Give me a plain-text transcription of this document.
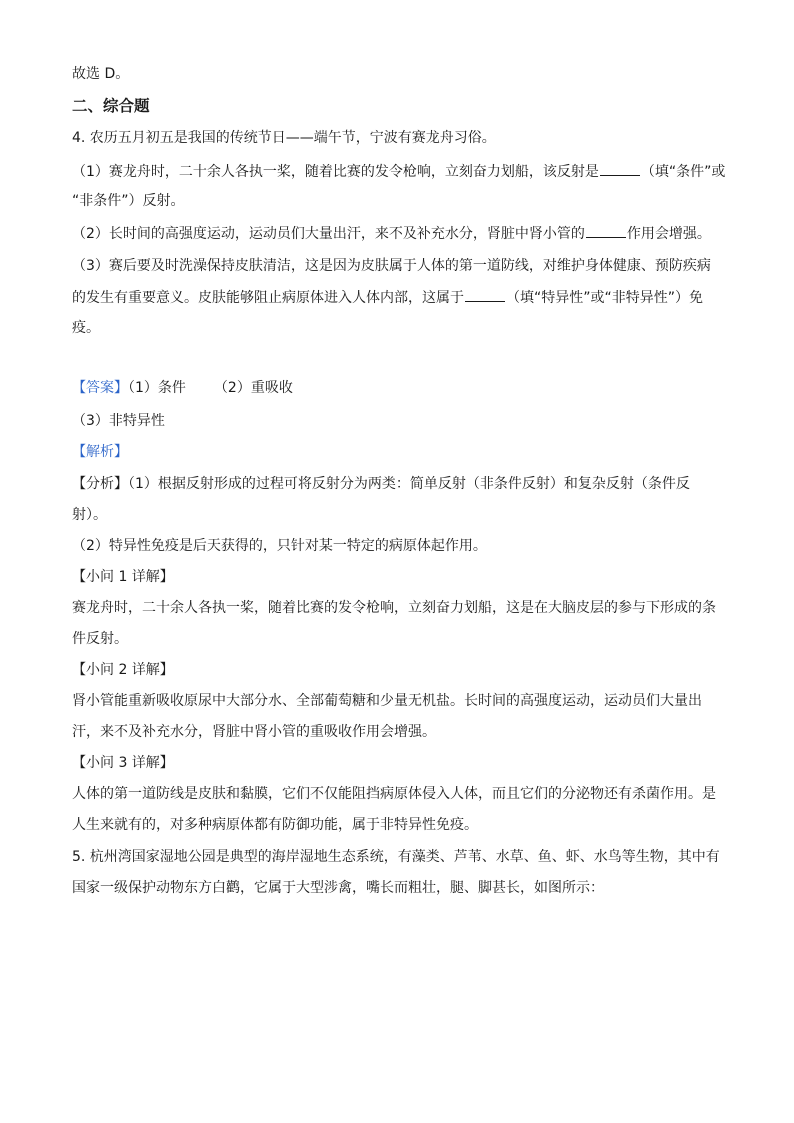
故选 D。
二、综合题
4. 农历五月初五是我国的传统节日——端午节，宁波有赛龙舟习俗。
（1）赛龙舟时，二十余人各执一桨，随着比赛的发令枪响，立刻奋力划船，该反射是	（填“条件”或
“非条件”）反射。
（2）长时间的高强度运动，运动员们大量出汗，来不及补充水分，肾脏中肾小管的	作用会增强。
（3）赛后要及时洗澡保持皮肤清洁，这是因为皮肤属于人体的第一道防线，对维护身体健康、预防疾病
的发生有重要意义。皮肤能够阻止病原体进入人体内部，这属于	（填“特异性”或“非特异性”）免
疫。
【答案】（1）条件 （2）重吸收
（3）非特异性
【解析】
【分析】（1）根据反射形成的过程可将反射分为两类：简单反射（非条件反射）和复杂反射（条件反
射）。
（2）特异性免疫是后天获得的，只针对某一特定的病原体起作用。
【小问 1 详解】
赛龙舟时，二十余人各执一桨，随着比赛的发令枪响，立刻奋力划船，这是在大脑皮层的参与下形成的条
件反射。
【小问 2 详解】
肾小管能重新吸收原尿中大部分水、全部葡萄糖和少量无机盐。长时间的高强度运动，运动员们大量出
汗，来不及补充水分，肾脏中肾小管的重吸收作用会增强。
【小问 3 详解】
人体的第一道防线是皮肤和黏膜，它们不仅能阻挡病原体侵入人体，而且它们的分泌物还有杀菌作用。是
人生来就有的，对多种病原体都有防御功能，属于非特异性免疫。
5. 杭州湾国家湿地公园是典型的海岸湿地生态系统，有藻类、芦苇、水草、鱼、虾、水鸟等生物，其中有
国家一级保护动物东方白鹳，它属于大型涉禽，嘴长而粗壮，腿、脚甚长，如图所示：
